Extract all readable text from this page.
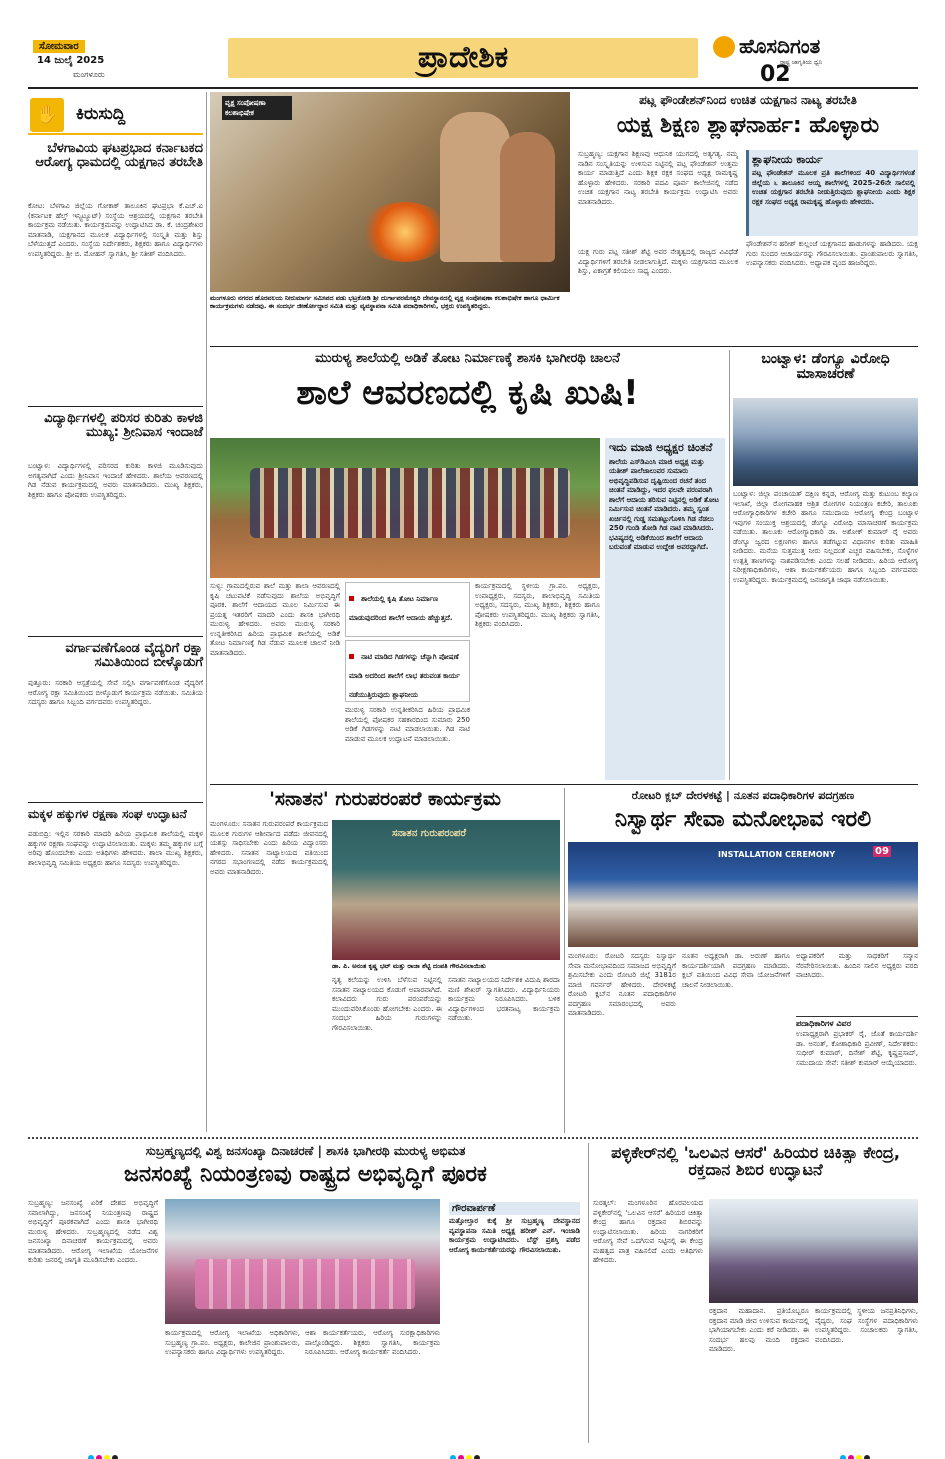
ಸೋಮವಾರ
14 ಜುಲೈ 2025
ಮಂಗಳೂರು	ಪ್ರಾದೇಶಿಕ	ಹೊಸದಿಗಂತ
ರಾಷ್ಟ್ರ ಜಾಗೃತಿಯ ಧ್ವನಿ
02
✋	ಕಿರುಸುದ್ದಿ
ಬೆಳಗಾವಿಯ ಘಟಪ್ರಭಾದ ಕರ್ನಾಟಕದ ಆರೋಗ್ಯ ಧಾಮದಲ್ಲಿ ಯಕ್ಷಗಾನ ತರಬೇತಿ
ಕೋಟ: ಬೆಳಗಾವಿ ಜಿಲ್ಲೆಯ ಗೋಕಾಕ್ ತಾಲೂಕಿನ ಘಟಪ್ರಭಾ ಕೆ.ಎಚ್.ಐ (ಕರ್ನಾಟಕ ಹೆಲ್ತ್ ಇನ್ಸ್ಟಿಟ್ಯೂಟ್) ಸಂಸ್ಥೆಯ ಆಶ್ರಯದಲ್ಲಿ ಯಕ್ಷಗಾನ ತರಬೇತಿ ಕಾರ್ಯಕ್ರಮ ನಡೆಯಿತು. ಕಾರ್ಯಕ್ರಮವನ್ನು ಉದ್ಘಾಟಿಸಿದ ಡಾ. ಕೆ. ಚಂದ್ರಶೇಖರ ಮಾತನಾಡಿ, ಯಕ್ಷಗಾನದ ಮೂಲಕ ವಿದ್ಯಾರ್ಥಿಗಳಲ್ಲಿ ಸಂಸ್ಕೃತಿ ಮತ್ತು ಶಿಸ್ತು ಬೆಳೆಯುತ್ತದೆ ಎಂದರು. ಸಂಸ್ಥೆಯ ನಿರ್ದೇಶಕರು, ಶಿಕ್ಷಕರು ಹಾಗೂ ವಿದ್ಯಾರ್ಥಿಗಳು ಉಪಸ್ಥಿತರಿದ್ದರು. ಶ್ರೀ ಬಿ. ಮೋಹನ್ ಸ್ವಾಗತಿಸಿ, ಶ್ರೀ ಸತೀಶ್ ವಂದಿಸಿದರು.
ವಿದ್ಯಾರ್ಥಿಗಳಲ್ಲಿ ಪರಿಸರ ಕುರಿತು ಕಾಳಜಿ ಮುಖ್ಯ: ಶ್ರೀನಿವಾಸ ಇಂದಾಜೆ
ಬಂಟ್ವಾಳ: ವಿದ್ಯಾರ್ಥಿಗಳಲ್ಲಿ ಪರಿಸರದ ಕುರಿತು ಕಾಳಜಿ ಮೂಡಿಸುವುದು ಅಗತ್ಯವಾಗಿದೆ ಎಂದು ಶ್ರೀನಿವಾಸ ಇಂದಾಜೆ ಹೇಳಿದರು. ಶಾಲೆಯ ಆವರಣದಲ್ಲಿ ಗಿಡ ನೆಡುವ ಕಾರ್ಯಕ್ರಮದಲ್ಲಿ ಅವರು ಮಾತನಾಡಿದರು. ಮುಖ್ಯ ಶಿಕ್ಷಕರು, ಶಿಕ್ಷಕರು ಹಾಗೂ ಪೋಷಕರು ಉಪಸ್ಥಿತರಿದ್ದರು.
ವರ್ಗಾವಣೆಗೊಂಡ ವೈದ್ಯರಿಗೆ ರಕ್ಷಾ ಸಮಿತಿಯಿಂದ ಬೀಳ್ಕೊಡುಗೆ
ಪುತ್ತೂರು: ಸರಕಾರಿ ಆಸ್ಪತ್ರೆಯಲ್ಲಿ ಸೇವೆ ಸಲ್ಲಿಸಿ ವರ್ಗಾವಣೆಗೊಂಡ ವೈದ್ಯರಿಗೆ ಆರೋಗ್ಯ ರಕ್ಷಾ ಸಮಿತಿಯಿಂದ ಬೀಳ್ಕೊಡುಗೆ ಕಾರ್ಯಕ್ರಮ ನಡೆಯಿತು. ಸಮಿತಿಯ ಸದಸ್ಯರು ಹಾಗೂ ಸಿಬ್ಬಂದಿ ವರ್ಗದವರು ಉಪಸ್ಥಿತರಿದ್ದರು.
ಮಕ್ಕಳ ಹಕ್ಕುಗಳ ರಕ್ಷಣಾ ಸಂಘ ಉದ್ಘಾಟನೆ
ಪಡುಬಿದ್ರಿ: ಇಲ್ಲಿನ ಸರಕಾರಿ ಮಾದರಿ ಹಿರಿಯ ಪ್ರಾಥಮಿಕ ಶಾಲೆಯಲ್ಲಿ ಮಕ್ಕಳ ಹಕ್ಕುಗಳ ರಕ್ಷಣಾ ಸಂಘವನ್ನು ಉದ್ಘಾಟಿಸಲಾಯಿತು. ಮಕ್ಕಳು ತಮ್ಮ ಹಕ್ಕುಗಳ ಬಗ್ಗೆ ಅರಿವು ಹೊಂದಬೇಕು ಎಂದು ಅತಿಥಿಗಳು ಹೇಳಿದರು. ಶಾಲಾ ಮುಖ್ಯ ಶಿಕ್ಷಕರು, ಶಾಲಾಭಿವೃದ್ಧಿ ಸಮಿತಿಯ ಅಧ್ಯಕ್ಷರು ಹಾಗೂ ಸದಸ್ಯರು ಉಪಸ್ಥಿತರಿದ್ದರು.
ವೃಕ್ಷ ಸಂಪೋಷಣಾ ಕಲಶಾಭಿಷೇಕ
ಮಂಗಳೂರು ನಗರದ ಹೊರವಲಯ ನೀರುಮಾರ್ಗ ಸಮೀಪದ ಪಡು ಭಟ್ರಕೋಡಿ ಶ್ರೀ ದುರ್ಗಾಪರಮೇಶ್ವರಿ ದೇವಸ್ಥಾನದಲ್ಲಿ ವೃಕ್ಷ ಸಂಪೋಷಣಾ ಕಲಶಾಭಿಷೇಕ ಹಾಗೂ ಧಾರ್ಮಿಕ ಕಾರ್ಯಕ್ರಮಗಳು ನಡೆದವು. ಈ ಸಂದರ್ಭ ಜೀರ್ಣೋದ್ಧಾರ ಸಮಿತಿ ಮತ್ತು ವ್ಯವಸ್ಥಾಪನಾ ಸಮಿತಿ ಪದಾಧಿಕಾರಿಗಳು, ಭಕ್ತರು ಉಪಸ್ಥಿತರಿದ್ದರು.
ಪಟ್ಲ ಫೌಂಡೇಶನ್‌ನಿಂದ ಉಚಿತ ಯಕ್ಷಗಾನ ನಾಟ್ಯ ತರಬೇತಿ
ಯಕ್ಷ ಶಿಕ್ಷಣ ಶ್ಲಾಘನಾರ್ಹ: ಹೊಳ್ಳಾರು
ಸುಬ್ರಹ್ಮಣ್ಯ: ಯಕ್ಷಗಾನ ಶಿಕ್ಷಣವು ಆಧುನಿಕ ಯುಗದಲ್ಲಿ ಅತ್ಯಗತ್ಯ. ನಮ್ಮ ನಾಡಿನ ಸಂಸ್ಕೃತಿಯನ್ನು ಉಳಿಸುವ ನಿಟ್ಟಿನಲ್ಲಿ ಪಟ್ಲ ಫೌಂಡೇಶನ್ ಉತ್ತಮ ಕಾರ್ಯ ಮಾಡುತ್ತಿದೆ ಎಂದು ಶಿಕ್ಷಕ ರಕ್ಷಕ ಸಂಘದ ಅಧ್ಯಕ್ಷ ರಾಮಕೃಷ್ಣ ಹೊಳ್ಳಾರು ಹೇಳಿದರು. ಸರಕಾರಿ ಪದವಿ ಪೂರ್ವ ಕಾಲೇಜಿನಲ್ಲಿ ನಡೆದ ಉಚಿತ ಯಕ್ಷಗಾನ ನಾಟ್ಯ ತರಬೇತಿ ಕಾರ್ಯಕ್ರಮ ಉದ್ಘಾಟಿಸಿ ಅವರು ಮಾತನಾಡಿದರು.
ಯಕ್ಷ ಗುರು ಪಟ್ಲ ಸತೀಶ್ ಶೆಟ್ಟಿ ಅವರ ನೇತೃತ್ವದಲ್ಲಿ ರಾಜ್ಯದ ವಿವಿಧೆಡೆ ವಿದ್ಯಾರ್ಥಿಗಳಿಗೆ ತರಬೇತಿ ನೀಡಲಾಗುತ್ತಿದೆ. ಮಕ್ಕಳು ಯಕ್ಷಗಾನದ ಮೂಲಕ ಶಿಸ್ತು, ಏಕಾಗ್ರತೆ ಕಲಿಯಲು ಸಾಧ್ಯ ಎಂದರು.
ಶ್ಲಾಘನೀಯ ಕಾರ್ಯ
ಪಟ್ಲ ಫೌಂಡೇಶನ್ ಮೂಲಕ ಪ್ರತಿ ಶಾಲೆಗಳಿಂದ 40 ವಿದ್ಯಾರ್ಥಿಗಳಂತೆ ಜಿಲ್ಲೆಯ ೬ ತಾಲೂಕಿನ ಆಯ್ದ ಶಾಲೆಗಳಲ್ಲಿ 2025-26ನೇ ಸಾಲಿನಲ್ಲಿ ಉಚಿತ ಯಕ್ಷಗಾನ ತರಬೇತಿ ನೀಡುತ್ತಿರುವುದು ಶ್ಲಾಘನೀಯ ಎಂದು ಶಿಕ್ಷಕ ರಕ್ಷಕ ಸಂಘದ ಅಧ್ಯಕ್ಷ ರಾಮಕೃಷ್ಣ ಹೊಳ್ಳಾರು ಹೇಳಿದರು.
ಫೌಂಡೇಶನ್‌ನ ಹರೀಶ್ ಕುಲ್ಲಂಜೆ ಯಕ್ಷಗಾನದ ಹಾಡುಗಳನ್ನು ಹಾಡಿದರು. ಯಕ್ಷ ಗುರು ಸುಂದರ ಆಚಾರ್ಯರನ್ನು ಗೌರವಿಸಲಾಯಿತು. ಪ್ರಾಂಶುಪಾಲರು ಸ್ವಾಗತಿಸಿ, ಉಪನ್ಯಾಸಕರು ವಂದಿಸಿದರು. ಅಧ್ಯಾಪಕ ವೃಂದ ಹಾಜರಿದ್ದರು.
ಮುರುಳ್ಯ ಶಾಲೆಯಲ್ಲಿ ಅಡಿಕೆ ತೋಟ ನಿರ್ಮಾಣಕ್ಕೆ ಶಾಸಕಿ ಭಾಗೀರಥಿ ಚಾಲನೆ
ಶಾಲೆ ಆವರಣದಲ್ಲಿ ಕೃಷಿ ಖುಷಿ!
ಇದು ಮಾಜಿ ಅಧ್ಯಕ್ಷರ ಚಿಂತನೆ
ಶಾಲೆಯ ಎಸ್‌ಡಿಎಂಸಿ ಮಾಜಿ ಅಧ್ಯಕ್ಷ ಮತ್ತು ಯತೀಶ್ ಪಾಲೆಜಾಲುವರ ಸುಮಾರು ಅಭಿವೃದ್ಧಿಪಡಿಸುವ ದೃಷ್ಟಿಯಿಂದ ರಚನೆ ತಂದ ಚಿಂತನೆ ಮಾಡಿದ್ದು, ಇದರ ಫಲವೇ ಪರಂಪರಾಗಿ ಶಾಲೆಗೆ ಆದಾಯ ತರಿಸುವ ನಿಟ್ಟಿನಲ್ಲಿ ಅಡಿಕೆ ತೋಟ ನಿರ್ಮಿಸುವ ಚಿಂತನೆ ಮಾಡಿದರು. ತಮ್ಮ ಸ್ವಂತ ಖರ್ಚಿನಲ್ಲಿ ಗುಡ್ಡ ಸಮತಟ್ಟುಗೊಳಿಸಿ ಗಿಡ ನೆಡಲು 250 ಗುಂಡಿ ತೋಡಿ ಗಿಡ ನಾಟಿ ಮಾಡಿಸಿದರು. ಭವಿಷ್ಯದಲ್ಲಿ ಅಡಿಕೆಯಿಂದ ಶಾಲೆಗೆ ಆದಾಯ ಬರುವಂತೆ ಮಾಡುವ ಉದ್ದೇಶ ಅವರದ್ದಾಗಿದೆ.
ಸುಳ್ಯ: ಗ್ರಾಮದಲ್ಲಿರುವ ಶಾಲೆ ಮತ್ತು ಶಾಲಾ ಆವರಣದಲ್ಲಿ ಕೃಷಿ ಚಟುವಟಿಕೆ ನಡೆಸುವುದು ಶಾಲೆಯ ಅಭಿವೃದ್ಧಿಗೆ ಪೂರಕ. ಶಾಲೆಗೆ ಆದಾಯದ ಮೂಲ ನಿರ್ಮಿಸುವ ಈ ಪ್ರಯತ್ನ ಇತರರಿಗೆ ಮಾದರಿ ಎಂದು ಶಾಸಕಿ ಭಾಗೀರಥಿ ಮುರುಳ್ಯ ಹೇಳಿದರು. ಅವರು ಮುರುಳ್ಯ ಸರಕಾರಿ ಉನ್ನತೀಕರಿಸಿದ ಹಿರಿಯ ಪ್ರಾಥಮಿಕ ಶಾಲೆಯಲ್ಲಿ ಅಡಿಕೆ ತೋಟ ನಿರ್ಮಾಣಕ್ಕೆ ಗಿಡ ನೆಡುವ ಮೂಲಕ ಚಾಲನೆ ನೀಡಿ ಮಾತನಾಡಿದರು.
ಶಾಲೆಯಲ್ಲಿ ಕೃಷಿ ತೋಟ ನಿರ್ಮಾಣ ಮಾಡುವುದರಿಂದ ಶಾಲೆಗೆ ಆದಾಯ ಹೆಚ್ಚುತ್ತದೆ.
ನಾಟಿ ಮಾಡಿದ ಗಿಡಗಳನ್ನು ಚೆನ್ನಾಗಿ ಪೋಷಣೆ ಮಾಡಿ ಅದರಿಂದ ಶಾಲೆಗೆ ಲಾಭ ತರುವಂತ ಕಾರ್ಯ ನಡೆಯುತ್ತಿರುವುದು ಶ್ಲಾಘನೀಯ
ಮುರುಳ್ಯ ಸರಕಾರಿ ಉನ್ನತೀಕರಿಸಿದ ಹಿರಿಯ ಪ್ರಾಥಮಿಕ ಶಾಲೆಯಲ್ಲಿ ಪೋಷಕರ ಸಹಕಾರದಿಂದ ಸುಮಾರು 250 ಅಡಿಕೆ ಗಿಡಗಳನ್ನು ನಾಟಿ ಮಾಡಲಾಯಿತು. ಗಿಡ ನಾಟಿ ಮಾಡುವ ಮೂಲಕ ಉದ್ಘಾಟನೆ ಮಾಡಲಾಯಿತು.
ಕಾರ್ಯಕ್ರಮದಲ್ಲಿ ಸ್ಥಳೀಯ ಗ್ರಾ.ಪಂ. ಅಧ್ಯಕ್ಷರು, ಉಪಾಧ್ಯಕ್ಷರು, ಸದಸ್ಯರು, ಶಾಲಾಭಿವೃದ್ಧಿ ಸಮಿತಿಯ ಅಧ್ಯಕ್ಷರು, ಸದಸ್ಯರು, ಮುಖ್ಯ ಶಿಕ್ಷಕರು, ಶಿಕ್ಷಕರು ಹಾಗೂ ಪೋಷಕರು ಉಪಸ್ಥಿತರಿದ್ದರು. ಮುಖ್ಯ ಶಿಕ್ಷಕರು ಸ್ವಾಗತಿಸಿ, ಶಿಕ್ಷಕರು ವಂದಿಸಿದರು.
ಬಂಟ್ವಾಳ: ಡೆಂಗ್ಯೂ ವಿರೋಧಿ ಮಾಸಾಚರಣೆ
ಬಂಟ್ವಾಳ: ಜಿಲ್ಲಾ ಪಂಚಾಯತ್ ದಕ್ಷಿಣ ಕನ್ನಡ, ಆರೋಗ್ಯ ಮತ್ತು ಕುಟುಂಬ ಕಲ್ಯಾಣ ಇಲಾಖೆ, ಜಿಲ್ಲಾ ರೋಗವಾಹಕ ಆಶ್ರಿತ ರೋಗಗಳ ನಿಯಂತ್ರಣ ಕಚೇರಿ, ತಾಲೂಕು ಆರೋಗ್ಯಾಧಿಕಾರಿಗಳ ಕಚೇರಿ ಹಾಗೂ ಸಮುದಾಯ ಆರೋಗ್ಯ ಕೇಂದ್ರ ಬಂಟ್ವಾಳ ಇವುಗಳ ಸಂಯುಕ್ತ ಆಶ್ರಯದಲ್ಲಿ ಡೆಂಗ್ಯೂ ವಿರೋಧಿ ಮಾಸಾಚರಣೆ ಕಾರ್ಯಕ್ರಮ ನಡೆಯಿತು. ತಾಲೂಕು ಆರೋಗ್ಯಾಧಿಕಾರಿ ಡಾ. ಅಶೋಕ್ ಕುಮಾರ್ ರೈ ಅವರು ಡೆಂಗ್ಯೂ ಜ್ವರದ ಲಕ್ಷಣಗಳು ಹಾಗೂ ತಡೆಗಟ್ಟುವ ವಿಧಾನಗಳ ಕುರಿತು ಮಾಹಿತಿ ನೀಡಿದರು. ಮನೆಯ ಸುತ್ತಮುತ್ತ ನೀರು ನಿಲ್ಲದಂತೆ ಎಚ್ಚರ ವಹಿಸಬೇಕು, ಸೊಳ್ಳೆಗಳ ಉತ್ಪತ್ತಿ ತಾಣಗಳನ್ನು ನಾಶಪಡಿಸಬೇಕು ಎಂದು ಸಲಹೆ ನೀಡಿದರು. ಹಿರಿಯ ಆರೋಗ್ಯ ನಿರೀಕ್ಷಣಾಧಿಕಾರಿಗಳು, ಆಶಾ ಕಾರ್ಯಕರ್ತೆಯರು ಹಾಗೂ ಸಿಬ್ಬಂದಿ ವರ್ಗದವರು ಉಪಸ್ಥಿತರಿದ್ದರು. ಕಾರ್ಯಕ್ರಮದಲ್ಲಿ ಜನಜಾಗೃತಿ ಜಾಥಾ ನಡೆಸಲಾಯಿತು.
'ಸನಾತನ' ಗುರುಪರಂಪರೆ ಕಾರ್ಯಕ್ರಮ
ಮಂಗಳೂರು: ಸನಾತನ ಗುರುಪರಂಪರೆ ಕಾರ್ಯಕ್ರಮದ ಮೂಲಕ ಗುರುಗಳ ಆಶೀರ್ವಾದ ಪಡೆದು ಜೀವನದಲ್ಲಿ ಯಶಸ್ಸು ಸಾಧಿಸಬೇಕು ಎಂದು ಹಿರಿಯ ವಿದ್ವಾಂಸರು ಹೇಳಿದರು. ಸನಾತನ ನಾಟ್ಯಾಲಯದ ವತಿಯಿಂದ ನಗರದ ಸಭಾಂಗಣದಲ್ಲಿ ನಡೆದ ಕಾರ್ಯಕ್ರಮದಲ್ಲಿ ಅವರು ಮಾತನಾಡಿದರು.
ಸನಾತನ ಗುರುಪರಂಪರೆ
ಡಾ. ಪಿ. ಅನಂತ ಕೃಷ್ಣ ಭಟ್ ಮತ್ತು ರಾಜಾ ಶೆಟ್ಟಿ ದಂಪತಿ ಗೌರವಿಸಲಾಯಿತು
ನೃತ್ಯ ಕಲೆಯನ್ನು ಉಳಿಸಿ ಬೆಳೆಸುವ ನಿಟ್ಟಿನಲ್ಲಿ ಸನಾತನ ನಾಟ್ಯಾಲಯದ ಕೊಡುಗೆ ಅಪಾರವಾಗಿದೆ. ಕಲಾವಿದರು ಗುರು ಪರಂಪರೆಯನ್ನು ಮುಂದುವರಿಸಿಕೊಂಡು ಹೋಗಬೇಕು ಎಂದರು. ಈ ಸಂದರ್ಭ ಹಿರಿಯ ಗುರುಗಳನ್ನು ಗೌರವಿಸಲಾಯಿತು.
ಸನಾತನ ನಾಟ್ಯಾಲಯದ ನಿರ್ದೇಶಕಿ ವಿದುಷಿ ಶಾರದಾ ಮಣಿ ಶೇಖರ್ ಸ್ವಾಗತಿಸಿದರು. ವಿದ್ಯಾರ್ಥಿನಿಯರು ಕಾರ್ಯಕ್ರಮ ನಿರೂಪಿಸಿದರು. ಬಳಿಕ ವಿದ್ಯಾರ್ಥಿಗಳಿಂದ ಭರತನಾಟ್ಯ ಕಾರ್ಯಕ್ರಮ ನಡೆಯಿತು.
ರೋಟರಿ ಕ್ಲಬ್ ದೇರಳಕಟ್ಟೆ | ನೂತನ ಪದಾಧಿಕಾರಿಗಳ ಪದಗ್ರಹಣ
ನಿಸ್ವಾರ್ಥ ಸೇವಾ ಮನೋಭಾವ ಇರಲಿ
INSTALLATION CEREMONY	09
ಮಂಗಳೂರು: ರೋಟರಿ ಸದಸ್ಯರು ನಿಸ್ವಾರ್ಥ ಸೇವಾ ಮನೋಭಾವದಿಂದ ಸಮಾಜದ ಅಭಿವೃದ್ಧಿಗೆ ಶ್ರಮಿಸಬೇಕು ಎಂದು ರೋಟರಿ ಜಿಲ್ಲೆ 3181ರ ಮಾಜಿ ಗವರ್ನರ್ ಹೇಳಿದರು. ದೇರಳಕಟ್ಟೆ ರೋಟರಿ ಕ್ಲಬ್‌ನ ನೂತನ ಪದಾಧಿಕಾರಿಗಳ ಪದಗ್ರಹಣ ಸಮಾರಂಭದಲ್ಲಿ ಅವರು ಮಾತನಾಡಿದರು.
ನೂತನ ಅಧ್ಯಕ್ಷರಾಗಿ ಡಾ. ಅರುಣ್ ಹಾಗೂ ಕಾರ್ಯದರ್ಶಿಯಾಗಿ ಪದಗ್ರಹಣ ಮಾಡಿದರು. ಕ್ಲಬ್ ವತಿಯಿಂದ ವಿವಿಧ ಸೇವಾ ಯೋಜನೆಗಳಿಗೆ ಚಾಲನೆ ನೀಡಲಾಯಿತು.
ಅಧ್ಯಾಪಕರಿಗೆ ಮತ್ತು ಸಾಧಕರಿಗೆ ಸನ್ಮಾನ ನೆರವೇರಿಸಲಾಯಿತು. ಹಿಂದಿನ ಸಾಲಿನ ಅಧ್ಯಕ್ಷರು ವರದಿ ವಾಚಿಸಿದರು.
ಪದಾಧಿಕಾರಿಗಳ ವಿವರ
ಉಪಾಧ್ಯಕ್ಷರಾಗಿ ಪ್ರಭಾಕರ್ ರೈ, ಜೊತೆ ಕಾರ್ಯದರ್ಶಿ ಡಾ. ಅನಂತ್, ಕೋಶಾಧಿಕಾರಿ ಪ್ರವೀಣ್, ನಿರ್ದೇಶಕರು: ಸುಧೀರ್ ಕುಮಾರ್, ದಿನೇಶ್ ಶೆಟ್ಟಿ, ಕೃಷ್ಣಪ್ರಸಾದ್, ಸಮುದಾಯ ಸೇವೆ: ಸತೀಶ್ ಕುಮಾರ್ ಆಯ್ಕೆಯಾದರು.
ಸುಬ್ರಹ್ಮಣ್ಯದಲ್ಲಿ ವಿಶ್ವ ಜನಸಂಖ್ಯಾ ದಿನಾಚರಣೆ | ಶಾಸಕಿ ಭಾಗೀರಥಿ ಮುರುಳ್ಯ ಅಭಿಮತ
ಜನಸಂಖ್ಯೆ ನಿಯಂತ್ರಣವು ರಾಷ್ಟ್ರದ ಅಭಿವೃದ್ಧಿಗೆ ಪೂರಕ
ಸುಬ್ರಹ್ಮಣ್ಯ: ಜನಸಂಖ್ಯೆ ಏರಿಕೆ ದೇಶದ ಅಭಿವೃದ್ಧಿಗೆ ಸವಾಲಾಗಿದ್ದು, ಜನಸಂಖ್ಯೆ ನಿಯಂತ್ರಣವು ರಾಷ್ಟ್ರದ ಅಭಿವೃದ್ಧಿಗೆ ಪೂರಕವಾಗಿದೆ ಎಂದು ಶಾಸಕಿ ಭಾಗೀರಥಿ ಮುರುಳ್ಯ ಹೇಳಿದರು. ಸುಬ್ರಹ್ಮಣ್ಯದಲ್ಲಿ ನಡೆದ ವಿಶ್ವ ಜನಸಂಖ್ಯಾ ದಿನಾಚರಣೆ ಕಾರ್ಯಕ್ರಮದಲ್ಲಿ ಅವರು ಮಾತನಾಡಿದರು. ಆರೋಗ್ಯ ಇಲಾಖೆಯ ಯೋಜನೆಗಳ ಕುರಿತು ಜನರಲ್ಲಿ ಜಾಗೃತಿ ಮೂಡಿಸಬೇಕು ಎಂದರು.
ಕಾರ್ಯಕ್ರಮದಲ್ಲಿ ಆರೋಗ್ಯ ಇಲಾಖೆಯ ಅಧಿಕಾರಿಗಳು, ಸುಬ್ರಹ್ಮಣ್ಯ ಗ್ರಾ.ಪಂ. ಅಧ್ಯಕ್ಷರು, ಕಾಲೇಜಿನ ಪ್ರಾಂಶುಪಾಲರು, ಉಪನ್ಯಾಸಕರು ಹಾಗೂ ವಿದ್ಯಾರ್ಥಿಗಳು ಉಪಸ್ಥಿತರಿದ್ದರು.
ಆಶಾ ಕಾರ್ಯಕರ್ತೆಯರು, ಆರೋಗ್ಯ ಸುರಕ್ಷಾಧಿಕಾರಿಗಳು ಪಾಲ್ಗೊಂಡಿದ್ದರು. ಶಿಕ್ಷಕರು ಸ್ವಾಗತಿಸಿ, ಕಾರ್ಯಕ್ರಮ ನಿರೂಪಿಸಿದರು. ಆರೋಗ್ಯ ಕಾರ್ಯಕರ್ತೆ ವಂದಿಸಿದರು.
ಗೌರವಾರ್ಪಣೆ
ಮತ್ತೋಲ್ತಾರ ಕುಕ್ಕೆ ಶ್ರೀ ಸುಬ್ರಹ್ಮಣ್ಯ ದೇವಸ್ಥಾನದ ವ್ಯವಸ್ಥಾಪನಾ ಸಮಿತಿ ಅಧ್ಯಕ್ಷ ಹರೀಶ್ ಎನ್. ಇಂಜಾಡಿ ಕಾರ್ಯಕ್ರಮ ಉದ್ಘಾಟಿಸಿದರು. ಬೆಸ್ಟ್ ಪ್ರಶಸ್ತಿ ಪಡೆದ ಆರೋಗ್ಯ ಕಾರ್ಯಕರ್ತೆಯರನ್ನು ಗೌರವಿಸಲಾಯಿತು.
ಪಳ್ಳಿಕೇರ್‌ನಲ್ಲಿ 'ಒಲವಿನ ಆಸರೆ' ಹಿರಿಯರ ಚಿಕಿತ್ಸಾ ಕೇಂದ್ರ, ರಕ್ತದಾನ ಶಿಬಿರ ಉದ್ಘಾಟನೆ
ಸುರತ್ಕಲ್: ಮಂಗಳೂರಿನ ಹೊರವಲಯದ ಪಳ್ಳಿಕೇರ್‌ನಲ್ಲಿ 'ಒಲವಿನ ಆಸರೆ' ಹಿರಿಯರ ಚಿಕಿತ್ಸಾ ಕೇಂದ್ರ ಹಾಗೂ ರಕ್ತದಾನ ಶಿಬಿರವನ್ನು ಉದ್ಘಾಟಿಸಲಾಯಿತು. ಹಿರಿಯ ನಾಗರಿಕರಿಗೆ ಆರೋಗ್ಯ ಸೇವೆ ಒದಗಿಸುವ ನಿಟ್ಟಿನಲ್ಲಿ ಈ ಕೇಂದ್ರ ಮಹತ್ವದ ಪಾತ್ರ ವಹಿಸಲಿದೆ ಎಂದು ಅತಿಥಿಗಳು ಹೇಳಿದರು.
ರಕ್ತದಾನ ಮಹಾದಾನ. ಪ್ರತಿಯೊಬ್ಬರೂ ರಕ್ತದಾನ ಮಾಡಿ ಜೀವ ಉಳಿಸುವ ಕಾರ್ಯದಲ್ಲಿ ಭಾಗಿಯಾಗಬೇಕು ಎಂದು ಕರೆ ನೀಡಿದರು. ಈ ಸಂದರ್ಭ ಹಲವು ಮಂದಿ ರಕ್ತದಾನ ಮಾಡಿದರು.
ಕಾರ್ಯಕ್ರಮದಲ್ಲಿ ಸ್ಥಳೀಯ ಜನಪ್ರತಿನಿಧಿಗಳು, ವೈದ್ಯರು, ಸಂಘ ಸಂಸ್ಥೆಗಳ ಪದಾಧಿಕಾರಿಗಳು ಉಪಸ್ಥಿತರಿದ್ದರು. ಸಂಚಾಲಕರು ಸ್ವಾಗತಿಸಿ, ವಂದಿಸಿದರು.
